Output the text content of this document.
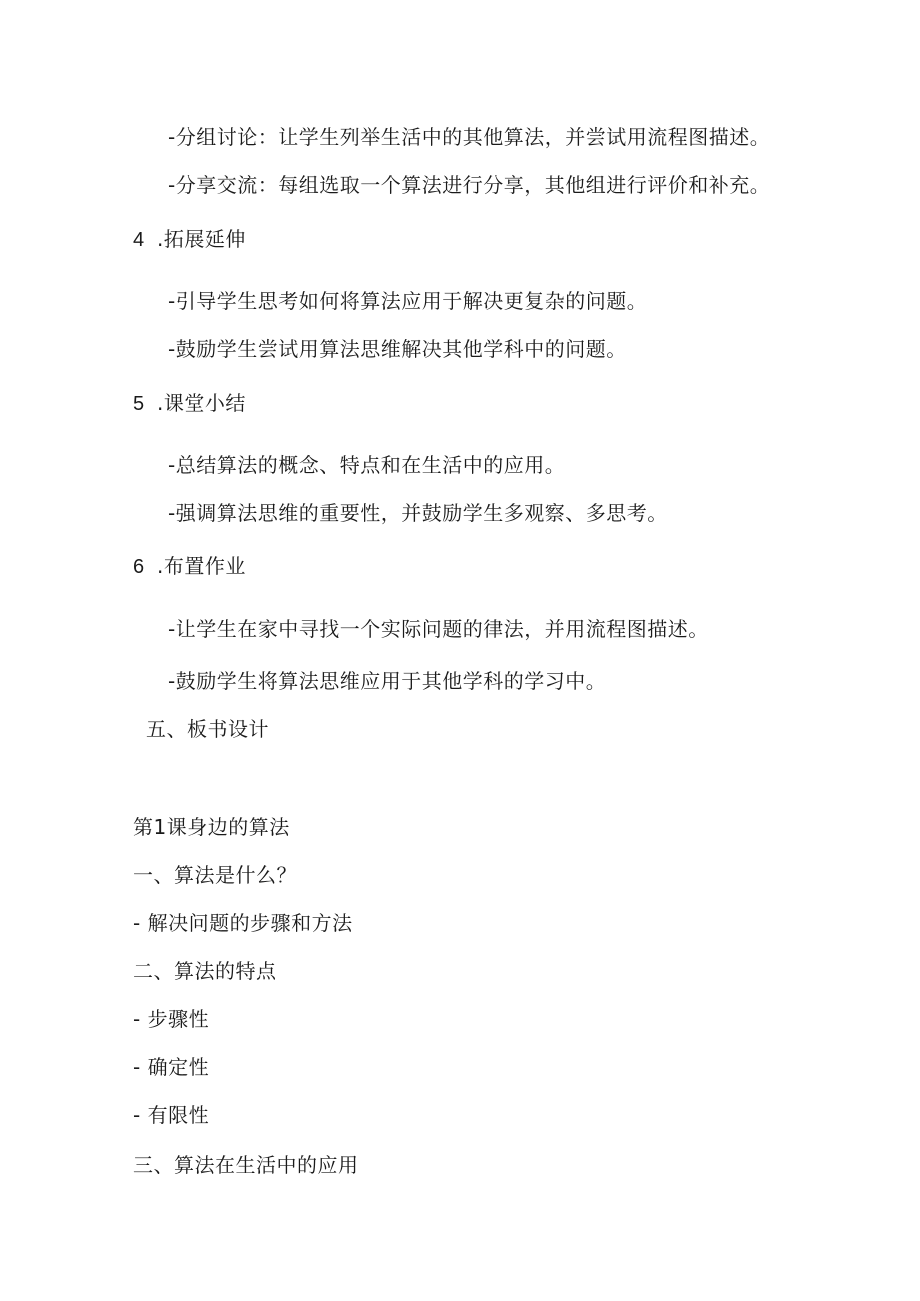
-分组讨论：让学生列举生活中的其他算法，并尝试用流程图描述。
-分享交流：每组选取一个算法进行分享，其他组进行评价和补充。
4 .拓展延伸
-引导学生思考如何将算法应用于解决更复杂的问题。
-鼓励学生尝试用算法思维解决其他学科中的问题。
5 .课堂小结
-总结算法的概念、特点和在生活中的应用。
-强调算法思维的重要性，并鼓励学生多观察、多思考。
6 .布置作业
-让学生在家中寻找一个实际问题的律法，并用流程图描述。
-鼓励学生将算法思维应用于其他学科的学习中。
五、板书设计
第1课身边的算法
一、算法是什么？
- 解决问题的步骤和方法
二、算法的特点
- 步骤性
- 确定性
- 有限性
三、算法在生活中的应用
